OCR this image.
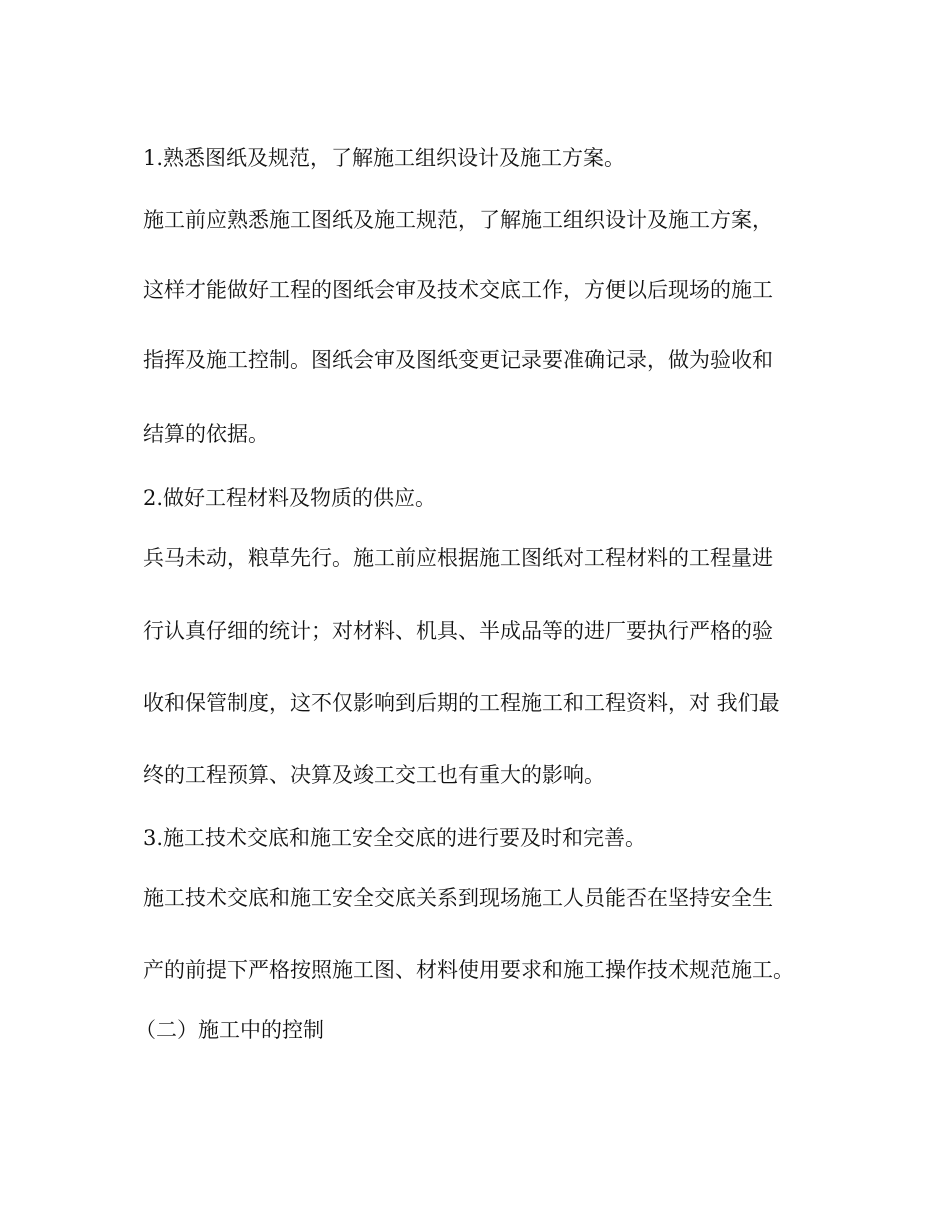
1.熟悉图纸及规范，了解施工组织设计及施工方案。
施工前应熟悉施工图纸及施工规范，了解施工组织设计及施工方案，
这样才能做好工程的图纸会审及技术交底工作，方便以后现场的施工
指挥及施工控制。图纸会审及图纸变更记录要准确记录，做为验收和
结算的依据。
2.做好工程材料及物质的供应。
兵马未动，粮草先行。施工前应根据施工图纸对工程材料的工程量进
行认真仔细的统计；对材料、机具、半成品等的进厂要执行严格的验
收和保管制度，这不仅影响到后期的工程施工和工程资料，对 我们最
终的工程预算、决算及竣工交工也有重大的影响。
3.施工技术交底和施工安全交底的进行要及时和完善。
施工技术交底和施工安全交底关系到现场施工人员能否在坚持安全生
产的前提下严格按照施工图、材料使用要求和施工操作技术规范施工。
（二）施工中的控制
